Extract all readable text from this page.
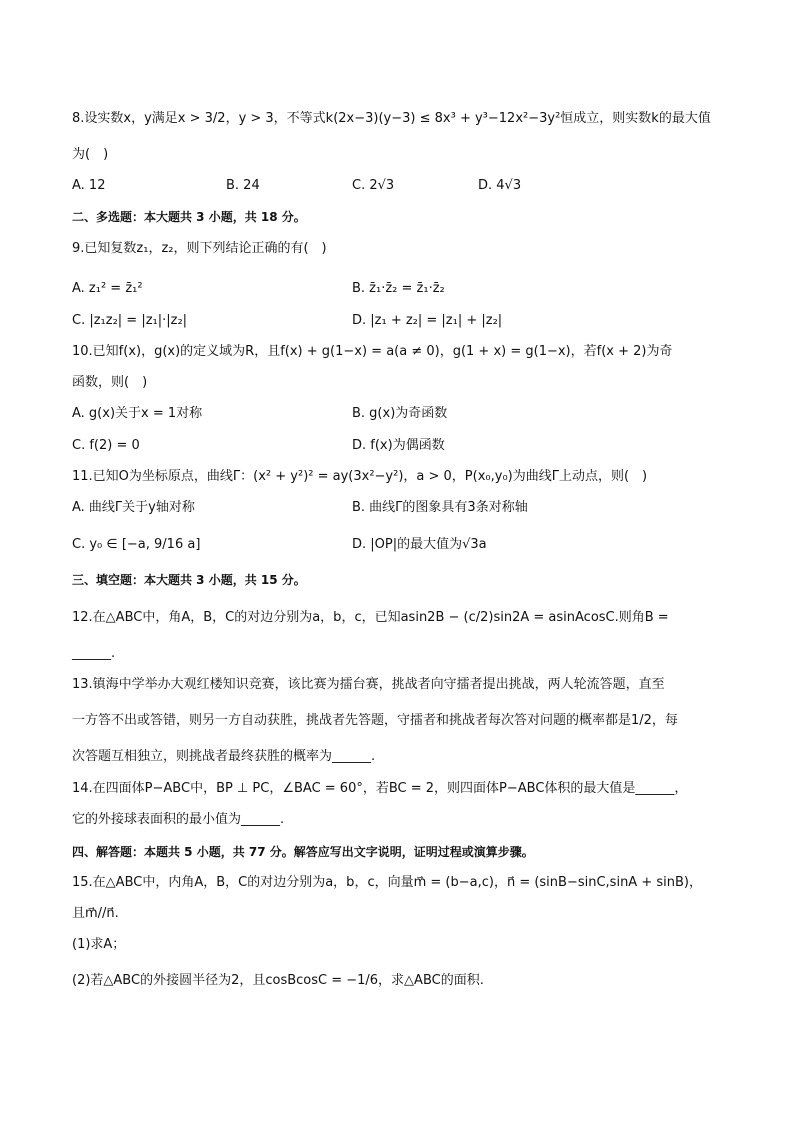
8.设实数x，y满足x > 3/2，y > 3，不等式k(2x−3)(y−3) ≤ 8x³ + y³−12x²−3y²恒成立，则实数k的最大值
为(　)
A. 12	B. 24	C. 2√3	D. 4√3
二、多选题：本大题共 3 小题，共 18 分。
9.已知复数z₁，z₂，则下列结论正确的有(　)
A. z₁² = z̄₁²	B. z̄₁·z̄₂ = z̄₁·z̄₂
C. |z₁z₂| = |z₁|·|z₂|	D. |z₁ + z₂| = |z₁| + |z₂|
10.已知f(x)，g(x)的定义域为R，且f(x) + g(1−x) = a(a ≠ 0)，g(1 + x) = g(1−x)，若f(x + 2)为奇
函数，则(　)
A. g(x)关于x = 1对称	B. g(x)为奇函数
C. f(2) = 0	D. f(x)为偶函数
11.已知O为坐标原点，曲线Γ：(x² + y²)² = ay(3x²−y²)，a > 0，P(x₀,y₀)为曲线Γ上动点，则(　)
A. 曲线Γ关于y轴对称	B. 曲线Γ的图象具有3条对称轴
C. y₀ ∈ [−a, 9/16 a]	D. |OP|的最大值为√3a
三、填空题：本大题共 3 小题，共 15 分。
12.在△ABC中，角A，B，C的对边分别为a，b，c，已知asin2B − (c/2)sin2A = asinAcosC.则角B =
______.
13.镇海中学举办大观红楼知识竞赛，该比赛为擂台赛，挑战者向守擂者提出挑战，两人轮流答题，直至
一方答不出或答错，则另一方自动获胜，挑战者先答题，守擂者和挑战者每次答对问题的概率都是1/2，每
次答题互相独立，则挑战者最终获胜的概率为______.
14.在四面体P−ABC中，BP ⊥ PC，∠BAC = 60°，若BC = 2，则四面体P−ABC体积的最大值是______，
它的外接球表面积的最小值为______.
四、解答题：本题共 5 小题，共 77 分。解答应写出文字说明，证明过程或演算步骤。
15.在△ABC中，内角A，B，C的对边分别为a，b，c，向量m⃗ = (b−a,c)，n⃗ = (sinB−sinC,sinA + sinB)，
且m⃗//n⃗.
(1)求A；
(2)若△ABC的外接圆半径为2，且cosBcosC = −1/6，求△ABC的面积.
